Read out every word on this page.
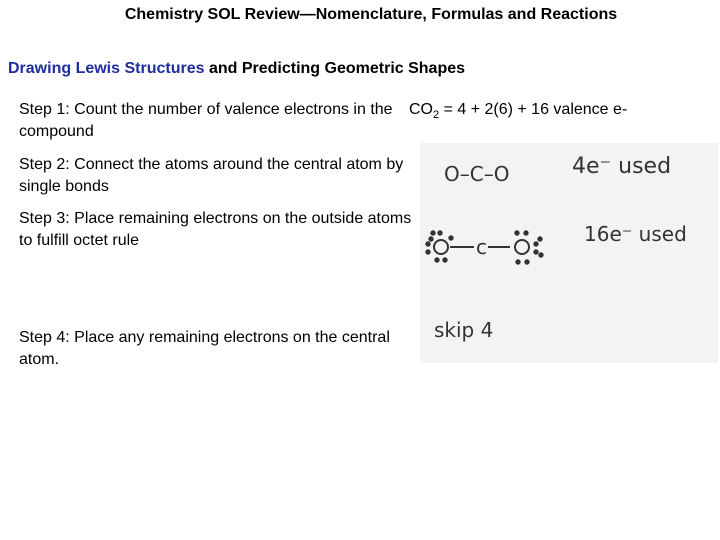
Chemistry SOL Review—Nomenclature, Formulas and Reactions
Drawing Lewis Structures and Predicting Geometric Shapes
Step 1: Count the number of valence electrons in the compound
Step 2: Connect the atoms around the central atom by single bonds
Step 3: Place remaining electrons on the outside atoms to fulfill octet rule
Step 4: Place any remaining electrons on the central atom.
$CO_2 = 4 + 2(6) + 16$ valence e-
O–C–O	4e⁻ used
c
16e⁻ used
skip 4
